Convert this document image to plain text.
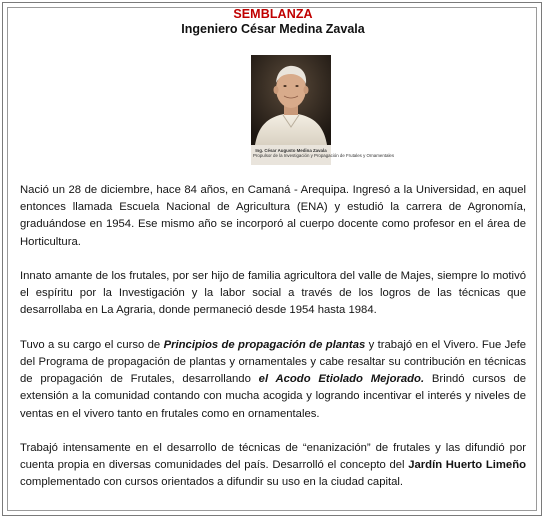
SEMBLANZA
Ingeniero César Medina Zavala
Ing. César Augusto Medina Zavala
Propulsor de la Investigación y Propagación de Frutales y Ornamentales

Nació un 28 de diciembre, hace 84 años, en Camaná - Arequipa. Ingresó a la Universidad, en aquel entonces llamada Escuela Nacional de Agricultura (ENA) y estudió la carrera de Agronomía, graduándose en 1954. Ese mismo año se incorporó al cuerpo docente como profesor en el área de Horticultura.

Innato amante de los frutales, por ser hijo de familia agricultora del valle de Majes, siempre lo motivó el espíritu por la Investigación y la labor social a través de los logros de las técnicas que desarrollaba en La Agraria, donde permaneció desde 1954 hasta 1984.

Tuvo a su cargo el curso de Principios de propagación de plantas y trabajó en el Vivero. Fue Jefe del Programa de propagación de plantas y ornamentales y cabe resaltar su contribución en técnicas de propagación de Frutales, desarrollando el Acodo Etiolado Mejorado. Brindó cursos de extensión a la comunidad contando con mucha acogida y logrando incentivar el interés y niveles de ventas en el vivero tanto en frutales como en ornamentales.

Trabajó intensamente en el desarrollo de técnicas de “enanización” de frutales y las difundió por cuenta propia en diversas comunidades del país. Desarrolló el concepto del Jardín Huerto Limeño complementado con cursos orientados a difundir su uso en la ciudad capital.
